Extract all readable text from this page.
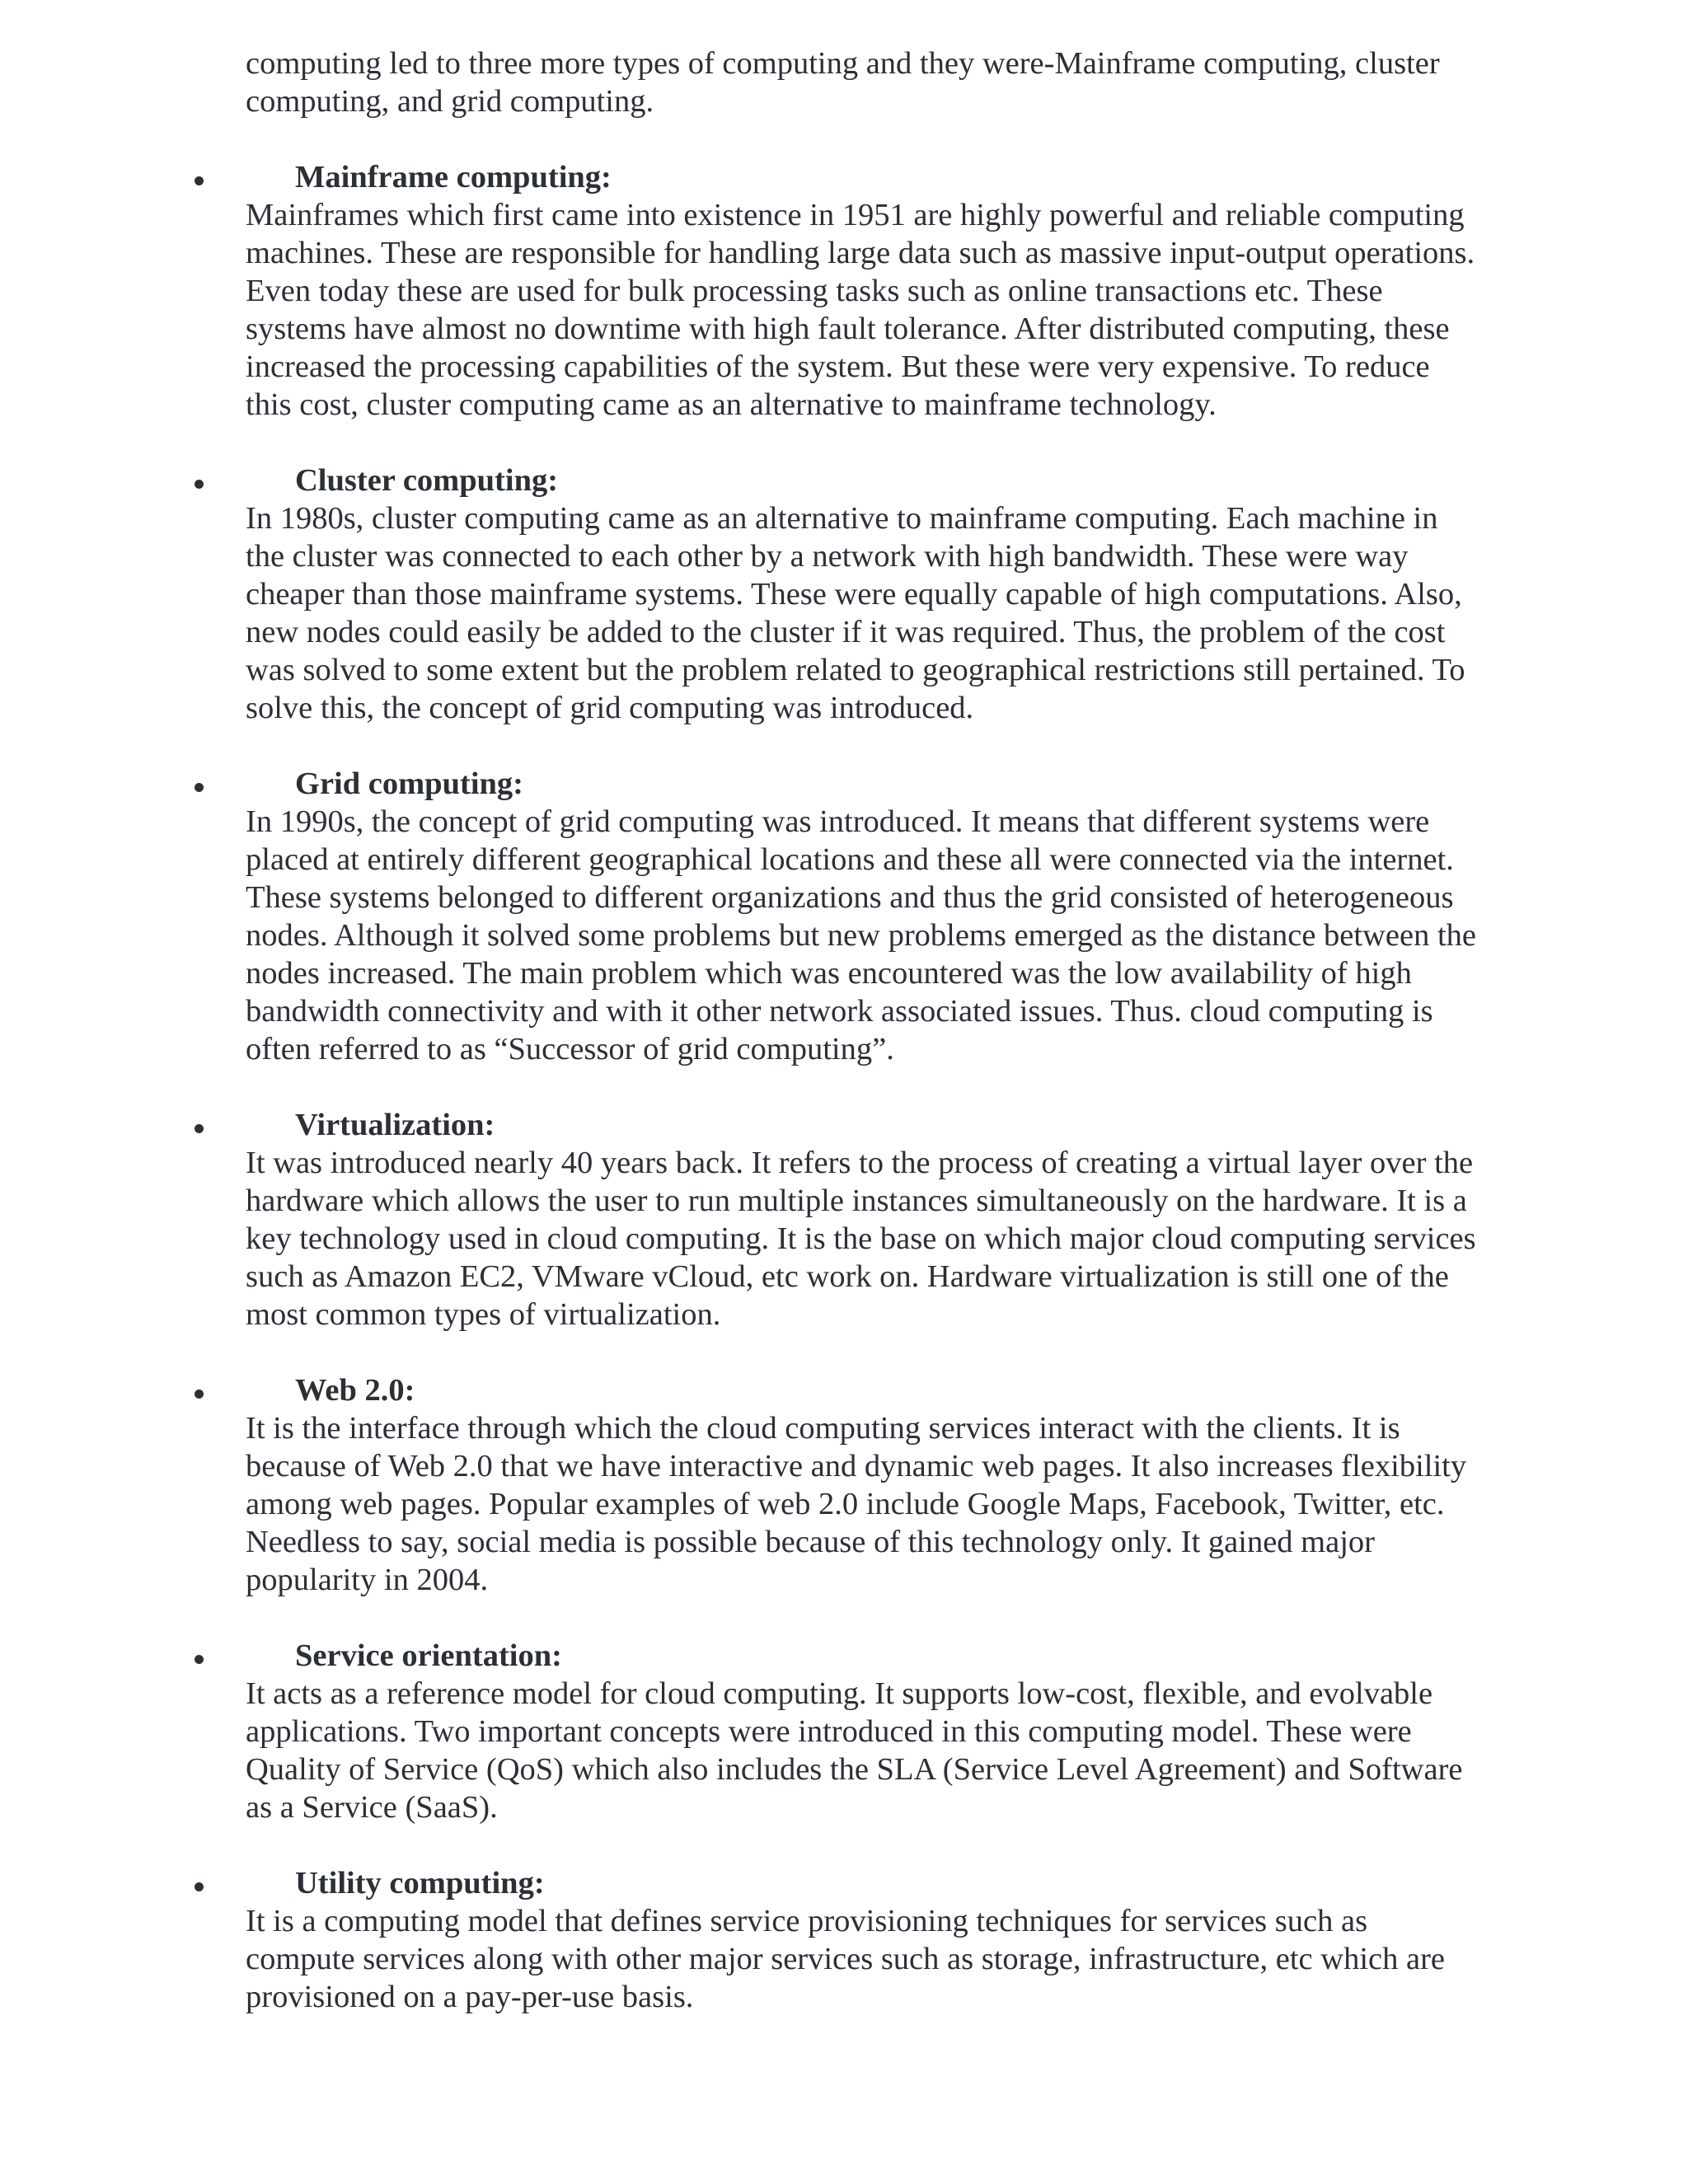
computing led to three more types of computing and they were-Mainframe computing, cluster computing, and grid computing.

Mainframe computing:

Mainframes which first came into existence in 1951 are highly powerful and reliable computing machines. These are responsible for handling large data such as massive input-output operations. Even today these are used for bulk processing tasks such as online transactions etc. These systems have almost no downtime with high fault tolerance. After distributed computing, these increased the processing capabilities of the system. But these were very expensive. To reduce this cost, cluster computing came as an alternative to mainframe technology.

Cluster computing:

In 1980s, cluster computing came as an alternative to mainframe computing. Each machine in the cluster was connected to each other by a network with high bandwidth. These were way cheaper than those mainframe systems. These were equally capable of high computations. Also, new nodes could easily be added to the cluster if it was required. Thus, the problem of the cost was solved to some extent but the problem related to geographical restrictions still pertained. To solve this, the concept of grid computing was introduced.

Grid computing:

In 1990s, the concept of grid computing was introduced. It means that different systems were placed at entirely different geographical locations and these all were connected via the internet. These systems belonged to different organizations and thus the grid consisted of heterogeneous nodes. Although it solved some problems but new problems emerged as the distance between the nodes increased. The main problem which was encountered was the low availability of high bandwidth connectivity and with it other network associated issues. Thus. cloud computing is often referred to as “Successor of grid computing”.

Virtualization:

It was introduced nearly 40 years back. It refers to the process of creating a virtual layer over the hardware which allows the user to run multiple instances simultaneously on the hardware. It is a key technology used in cloud computing. It is the base on which major cloud computing services such as Amazon EC2, VMware vCloud, etc work on. Hardware virtualization is still one of the most common types of virtualization.

Web 2.0:

It is the interface through which the cloud computing services interact with the clients. It is because of Web 2.0 that we have interactive and dynamic web pages. It also increases flexibility among web pages. Popular examples of web 2.0 include Google Maps, Facebook, Twitter, etc. Needless to say, social media is possible because of this technology only. It gained major popularity in 2004.

Service orientation:

It acts as a reference model for cloud computing. It supports low-cost, flexible, and evolvable applications. Two important concepts were introduced in this computing model. These were Quality of Service (QoS) which also includes the SLA (Service Level Agreement) and Software as a Service (SaaS).

Utility computing:

It is a computing model that defines service provisioning techniques for services such as compute services along with other major services such as storage, infrastructure, etc which are provisioned on a pay-per-use basis.
